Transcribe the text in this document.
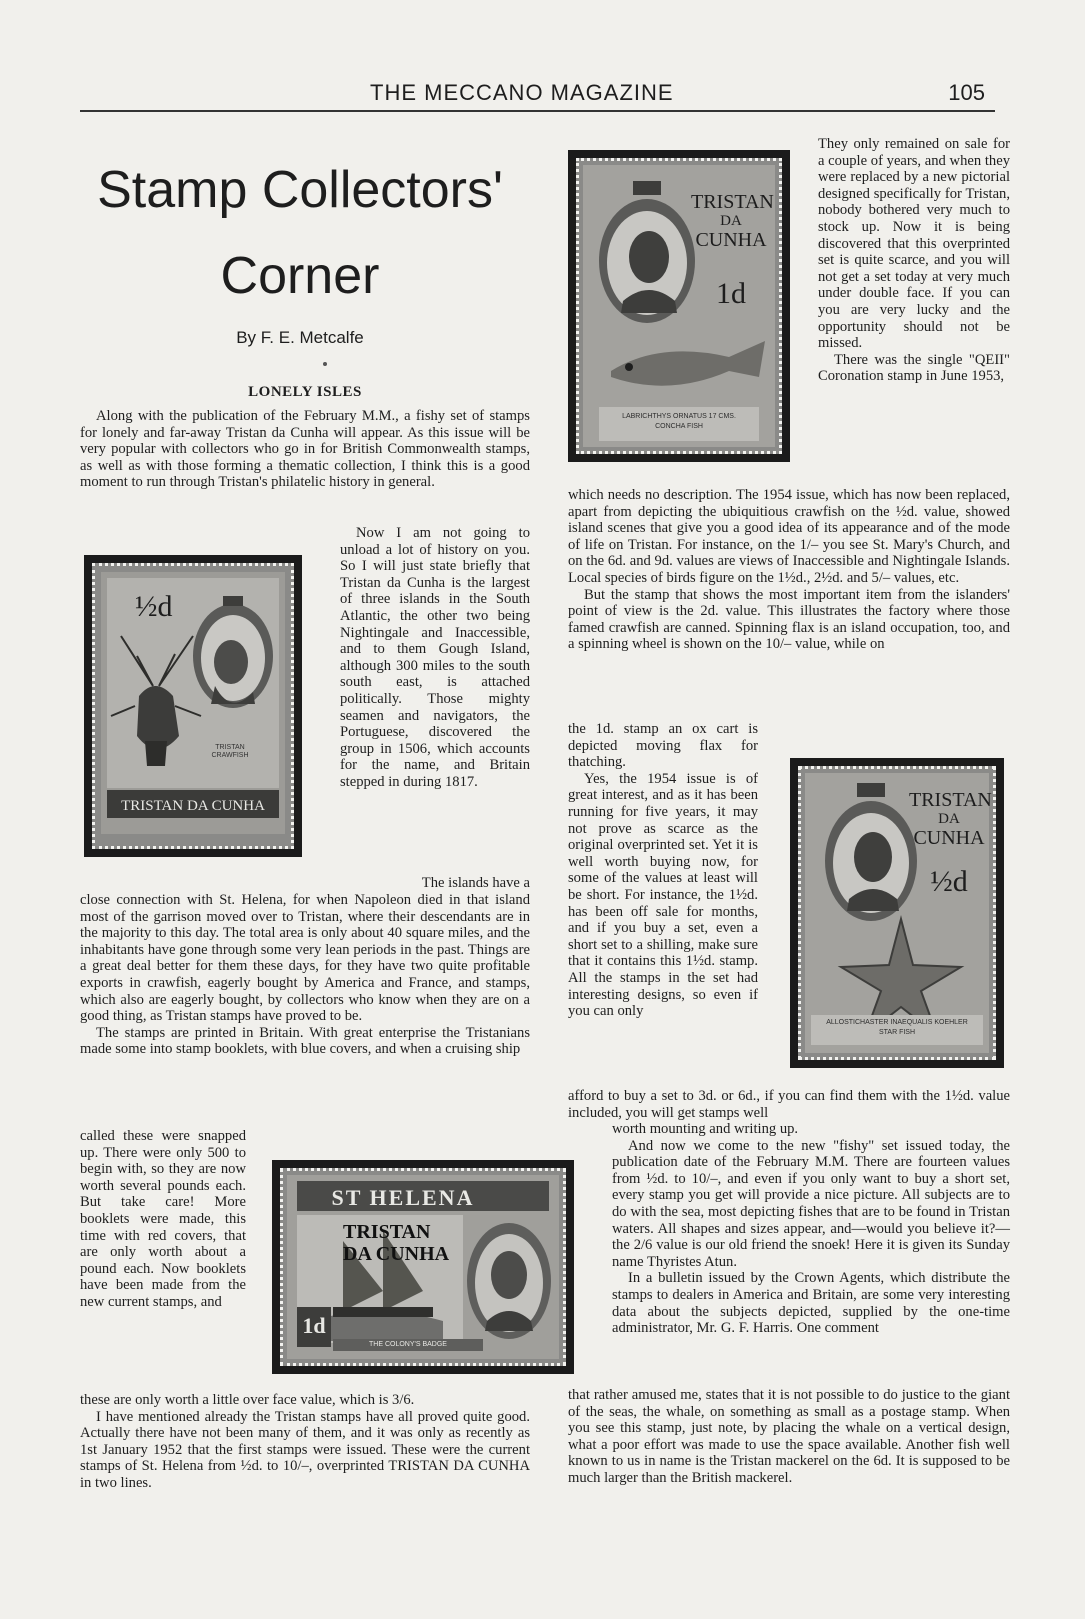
THE MECCANO MAGAZINE	105
Stamp Collectors'
Corner
By F. E. Metcalfe
LONELY ISLES

Along with the publication of the February M.M., a fishy set of stamps for lonely and far-away Tristan da Cunha will appear. As this issue will be very popular with collectors who go in for British Commonwealth stamps, as well as with those forming a thematic collection, I think this is a good moment to run through Tristan's philatelic history in general.

½d
TRISTAN CRAWFISH
TRISTAN DA CUNHA

Now I am not going to unload a lot of history on you. So I will just state briefly that Tristan da Cunha is the largest of three islands in the South Atlantic, the other two being Nightingale and Inaccessible, and to them Gough Island, although 300 miles to the south south east, is attached politically. Those mighty seamen and navigators, the Portuguese, discovered the group in 1506, which accounts for the name, and Britain stepped in during 1817.

The islands have a

close connection with St. Helena, for when Napoleon died in that island most of the garrison moved over to Tristan, where their descendants are in the majority to this day. The total area is only about 40 square miles, and the inhabitants have gone through some very lean periods in the past. Things are a great deal better for them these days, for they have two quite profitable exports in crawfish, eagerly bought by America and France, and stamps, which also are eagerly bought, by collectors who know when they are on a good thing, as Tristan stamps have proved to be.

The stamps are printed in Britain. With great enterprise the Tristanians made some into stamp booklets, with blue covers, and when a cruising ship

called these were snapped up. There were only 500 to begin with, so they are now worth several pounds each. But take care! More booklets were made, this time with red covers, that are only worth about a pound each. Now booklets have been made from the new current stamps, and

ST HELENA
TRISTAN
DA CUNHA
1d
THE COLONY'S BADGE

these are only worth a little over face value, which is 3/6.

I have mentioned already the Tristan stamps have all proved quite good. Actually there have not been many of them, and it was only as recently as 1st January 1952 that the first stamps were issued. These were the current stamps of St. Helena from ½d. to 10/–, overprinted TRISTAN DA CUNHA in two lines.

TRISTAN
DA
CUNHA
1d
LABRICHTHYS ORNATUS 17 CMS.
CONCHA FISH

They only remained on sale for a couple of years, and when they were replaced by a new pictorial designed specifically for Tristan, nobody bothered very much to stock up. Now it is being discovered that this overprinted set is quite scarce, and you will not get a set today at very much under double face. If you can you are very lucky and the opportunity should not be missed.

There was the single "QEII" Coronation stamp in June 1953,

which needs no description. The 1954 issue, which has now been replaced, apart from depicting the ubiquitious crawfish on the ½d. value, showed island scenes that give you a good idea of its appearance and of the mode of life on Tristan. For instance, on the 1/– you see St. Mary's Church, and on the 6d. and 9d. values are views of Inaccessible and Nightingale Islands. Local species of birds figure on the 1½d., 2½d. and 5/– values, etc.

But the stamp that shows the most important item from the islanders' point of view is the 2d. value. This illustrates the factory where those famed crawfish are canned. Spinning flax is an island occupation, too, and a spinning wheel is shown on the 10/– value, while on

the 1d. stamp an ox cart is depicted moving flax for thatching.

Yes, the 1954 issue is of great interest, and as it has been running for five years, it may not prove as scarce as the original overprinted set. Yet it is well worth buying now, for some of the values at least will be short. For instance, the 1½d. has been off sale for months, and if you buy a set, even a short set to a shilling, make sure that it contains this 1½d. stamp. All the stamps in the set had interesting designs, so even if you can only

TRISTAN
DA
CUNHA
½d
ALLOSTICHASTER INAEQUALIS KOEHLER
STAR FISH

afford to buy a set to 3d. or 6d., if you can find them with the 1½d. value included, you will get stamps well

worth mounting and writing up.

And now we come to the new "fishy" set issued today, the publication date of the February M.M. There are fourteen values from ½d. to 10/–, and even if you only want to buy a short set, every stamp you get will provide a nice picture. All subjects are to do with the sea, most depicting fishes that are to be found in Tristan waters. All shapes and sizes appear, and—would you believe it?—the 2/6 value is our old friend the snoek! Here it is given its Sunday name Thyristes Atun.

In a bulletin issued by the Crown Agents, which distribute the stamps to dealers in America and Britain, are some very interesting data about the subjects depicted, supplied by the one-time administrator, Mr. G. F. Harris. One comment

that rather amused me, states that it is not possible to do justice to the giant of the seas, the whale, on something as small as a postage stamp. When you see this stamp, just note, by placing the whale on a vertical design, what a poor effort was made to use the space available. Another fish well known to us in name is the Tristan mackerel on the 6d. It is supposed to be much larger than the British mackerel.
